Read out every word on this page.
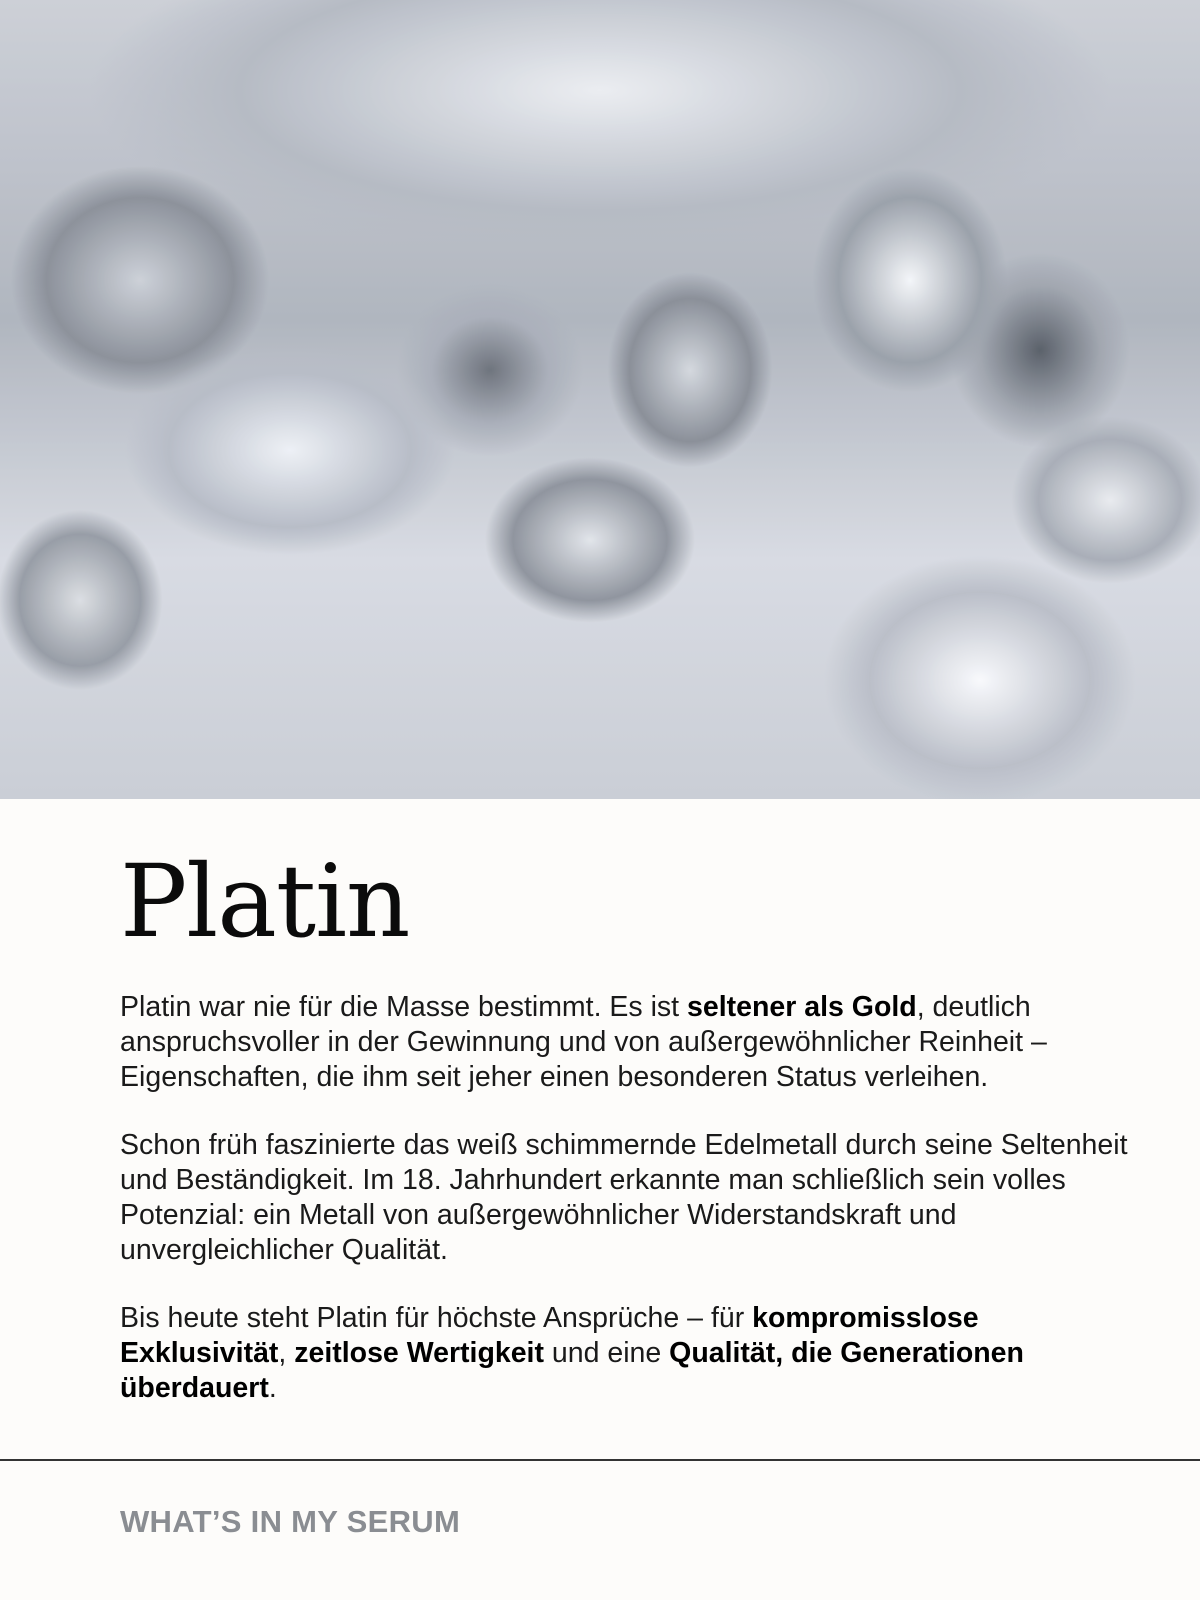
Platin

Platin war nie für die Masse bestimmt. Es ist seltener als Gold, deutlich anspruchsvoller in der Gewinnung und von außergewöhnlicher Reinheit – Eigenschaften, die ihm seit jeher einen besonderen Status verleihen.

Schon früh faszinierte das weiß schimmernde Edelmetall durch seine Seltenheit und Beständigkeit. Im 18. Jahrhundert erkannte man schließlich sein volles Potenzial: ein Metall von außergewöhnlicher Widerstandskraft und unvergleichlicher Qualität.

Bis heute steht Platin für höchste Ansprüche – für kompromisslose Exklusivität, zeitlose Wertigkeit und eine Qualität, die Generationen überdauert.

WHAT’S IN MY SERUM
